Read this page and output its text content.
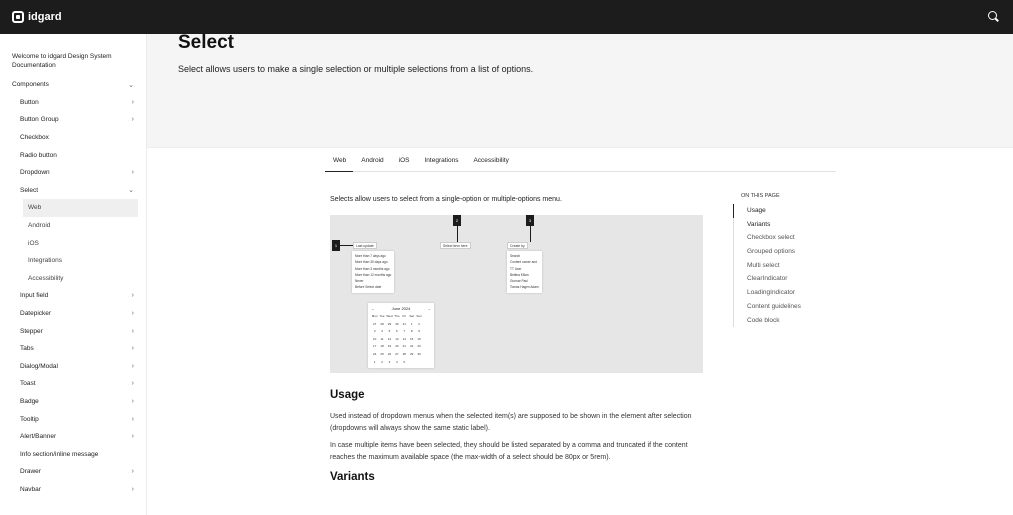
idgard
Welcome to idgard Design System Documentation
Components	⌄
Button	›
Button Group	›
Checkbox
Radio button
Dropdown	›
Select	⌄
Web
Android
iOS
Integrations
Accessibility
Input field	›
Datepicker	›
Stepper	›
Tabs	›
Dialog/Modal	›
Toast	›
Badge	›
Tooltip	›
Alert/Banner	›
Info section/inline message
Drawer	›
Navbar	›
Select

Select allows users to make a single selection or multiple selections from a list of options.

Web	Android	iOS	Integrations	Accessibility

Selects allow users to select from a single-option or multiple-options menu.

1	Last update
More than 7 days ago
More than 30 days ago
More than 3 months ago
More than 12 months ago
Never
Before Select date
2
Select item here
3
Create by
Search
Content owner and
TT User
Bettina Kilian
Gunnar Paul
Tomas Hagen Adam
←	June 2024	→
Mon Tue Wed Thu	Fri	Sat Sun
27	28	29	30	31	1	2
3	4	5	6	7	8	9
10	11	12	13	14	15	16
17	18	19	20	21	22	23
24	25	26	27	28	29	30
1	2	3	4	5
Usage

Used instead of dropdown menus when the selected item(s) are supposed to be shown in the element after selection (dropdowns will always show the same static label).

In case multiple items have been selected, they should be listed separated by a comma and truncated if the content reaches the maximum available space (the max-width of a select should be 80px or 5rem).

Variants
ON THIS PAGE
Usage
Variants
Checkbox select
Grouped options
Multi select
ClearIndicator
LoadingIndicator
Content guidelines
Code block
